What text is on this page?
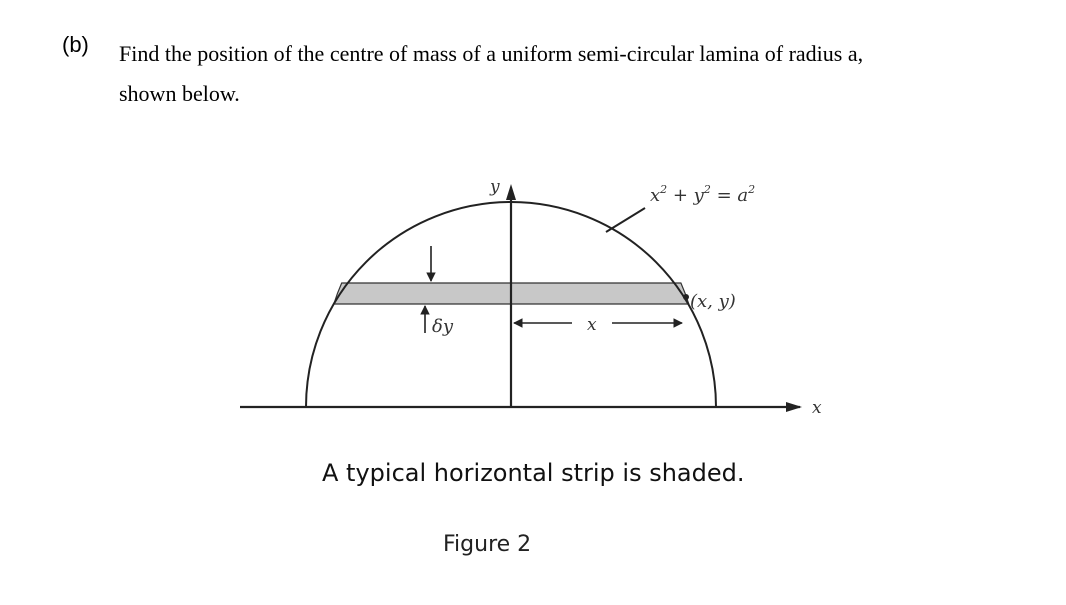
(b) Find the position of the centre of mass of a uniform semi-circular lamina of radius a,
shown below.
y
x
$x^2 + y^2 = a^2$
(x, y)
δy	x
A typical horizontal strip is shaded.
Figure 2
